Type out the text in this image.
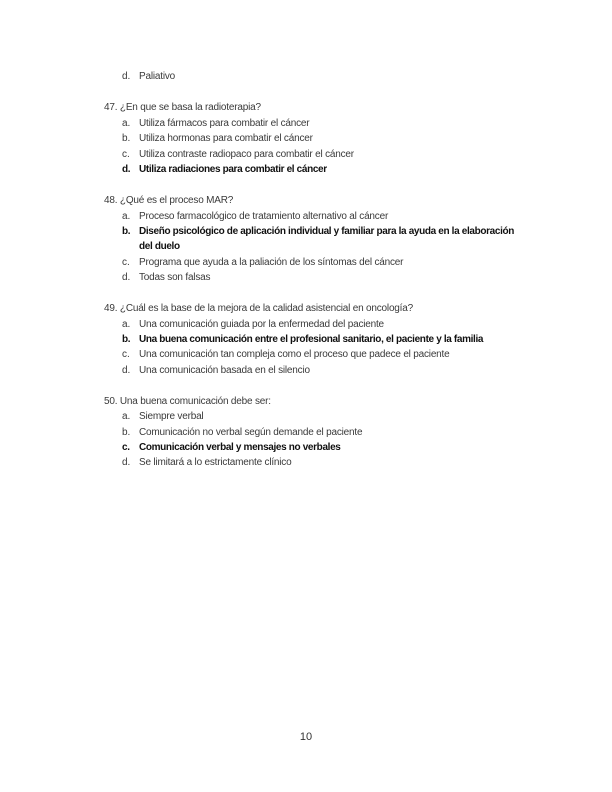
d. Paliativo
47. ¿En que se basa la radioterapia?
a. Utiliza fármacos para combatir el cáncer
b. Utiliza hormonas para combatir el cáncer
c. Utiliza contraste radiopaco para combatir el cáncer
d. Utiliza radiaciones para combatir el cáncer
48. ¿Qué es el proceso MAR?
a. Proceso farmacológico de tratamiento alternativo al cáncer
b. Diseño psicológico de aplicación individual y familiar para la ayuda en la elaboración
del duelo
c. Programa que ayuda a la paliación de los síntomas del cáncer
d. Todas son falsas
49. ¿Cuál es la base de la mejora de la calidad asistencial en oncología?
a. Una comunicación guiada por la enfermedad del paciente
b. Una buena comunicación entre el profesional sanitario, el paciente y la familia
c. Una comunicación tan compleja como el proceso que padece el paciente
d. Una comunicación basada en el silencio
50. Una buena comunicación debe ser:
a. Siempre verbal
b. Comunicación no verbal según demande el paciente
c. Comunicación verbal y mensajes no verbales
d. Se limitará a lo estrictamente clínico
10
